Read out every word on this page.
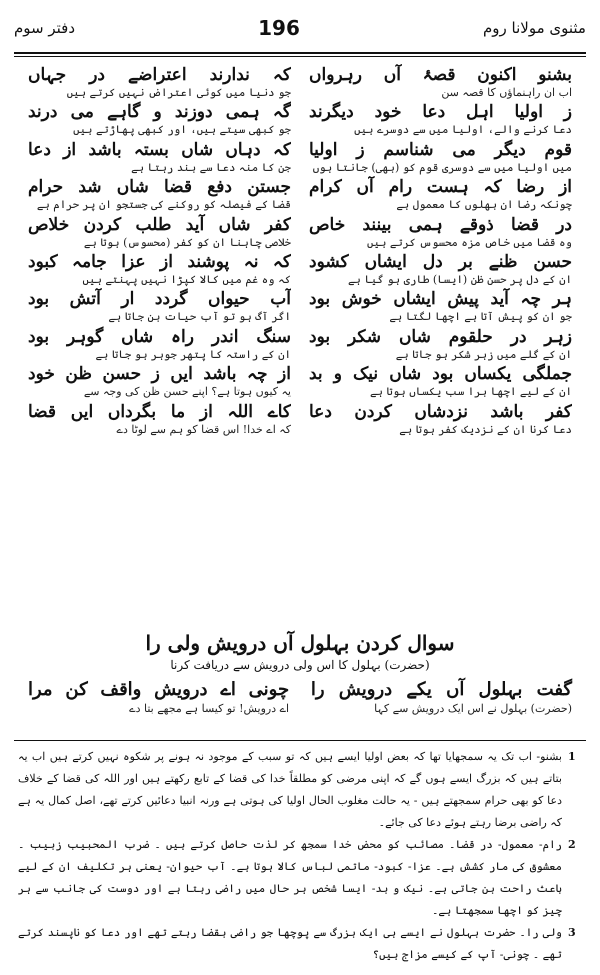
دفتر سوم	196	مثنوی مولانا روم
بشنو اکنون قصۂ آں رہرواں
اب ان راہنماؤں کا قصہ سن
ز اولیا اہل دعا خود دیگرند
دعا کرنے والے، اولیا میں سے دوسرے ہیں
قوم دیگر می شناسم ز اولیا
میں اولیا میں سے دوسری قوم کو (بھی) جانتا ہوں
از رضا کہ ہست رام آں کرام
چونکہ رضا ان بھلوں کا معمول ہے
در قضا ذوقے ہمی بینند خاص
وہ قضا میں خاص مزہ محسوس کرتے ہیں
حسن ظنے بر دل ایشاں کشود
ان کے دل پر حسن ظن (ایسا) طاری ہو گیا ہے
ہر چہ آید پیش ایشاں خوش بود
جو ان کو پیش آتا ہے اچھا لگتا ہے
زہر در حلقوم شاں شکر بود
ان کے گلے میں زہر شکر ہو جاتا ہے
جملگی یکساں بود شاں نیک و بد
ان کے لیے اچھا برا سب یکساں ہوتا ہے
کفر باشد نزدشاں کردن دعا
دعا کرنا ان کے نزدیک کفر ہوتا ہے
کہ ندارند اعتراضے در جہاں
جو دنیا میں کوئی اعتراض نہیں کرتے ہیں
گہ ہمی دوزند و گاہے می درند
جو کبھی سیتے ہیں، اور کبھی پھاڑتے ہیں
کہ دہاں شاں بستہ باشد از دعا
جن کا منہ دعا سے بند رہتا ہے
جستن دفع قضا شاں شد حرام
قضا کے فیصلہ کو روکنے کی جستجو ان پر حرام ہے
کفر شاں آید طلب کردن خلاص
خلاصی چاہنا ان کو کفر (محسوس) ہوتا ہے
کہ نہ پوشند از عزا جامہ کبود
کہ وہ غم میں کالا کپڑا نہیں پہنتے ہیں
آب حیواں گردد ار آتش بود
اگر آگ ہو تو آب حیات بن جاتا ہے
سنگ اندر راہ شاں گوہر بود
ان کے راستہ کا پتھر جوہر ہو جاتا ہے
از چہ باشد ایں ز حسن ظن خود
یہ کیوں ہوتا ہے؟ اپنے حسن ظن کی وجہ سے
کاے اللہ از ما بگرداں ایں قضا
کہ اے خدا! اس قضا کو ہم سے لوٹا دے
سوال کردن بہلول آں درویش ولی را
(حضرت) بہلول کا اس ولی درویش سے دریافت کرنا
گفت بہلول آں یکے درویش را
(حضرت) بہلول نے اس ایک درویش سے کہا
چونی اے درویش واقف کن مرا
اے درویش! تو کیسا ہے مجھے بتا دے
1
بشنو- اب تک یہ سمجھایا تھا کہ بعض اولیا ایسے ہیں کہ تو سبب کے موجود نہ ہونے پر شکوہ نہیں کرتے ہیں اب یہ بتاتے ہیں کہ بزرگ ایسے ہوں گے کہ اپنی مرضی کو مطلقاً خدا کی قضا کے تابع رکھتے ہیں اور اللہ کی قضا کے خلاف دعا کو بھی حرام سمجھتے ہیں - یہ حالت مغلوب الحال اولیا کی ہوتی ہے ورنہ انبیا دعائیں کرتے تھے، اصل کمال یہ ہے کہ راضی برضا رہتے ہوئے دعا کی جائے۔
2
رام- معمول- در قضا۔ مصائب کو محض خدا سمجھ کر لذت حاصل کرتے ہیں ۔ ضرب المحبیب زبیب ۔ معشوق کی مار کشش ہے۔ عزا- کبود- ماتمی لباس کالا ہوتا ہے۔ آب حیوان- یعنی ہر تکلیف ان کے لیے باعث راحت بن جاتی ہے۔ نیک و بد- ایسا شخص ہر حال میں راضی رہتا ہے اور دوست کی جانب سے ہر چیز کو اچھا سمجھتا ہے۔
3
ولی را۔ حضرت بہلول نے ایسے ہی ایک بزرگ سے پوچھا جو راضی بقضا رہتے تھے اور دعا کو ناپسند کرتے تھے ۔ چونی- آپ کے کیسے مزاج ہیں؟
